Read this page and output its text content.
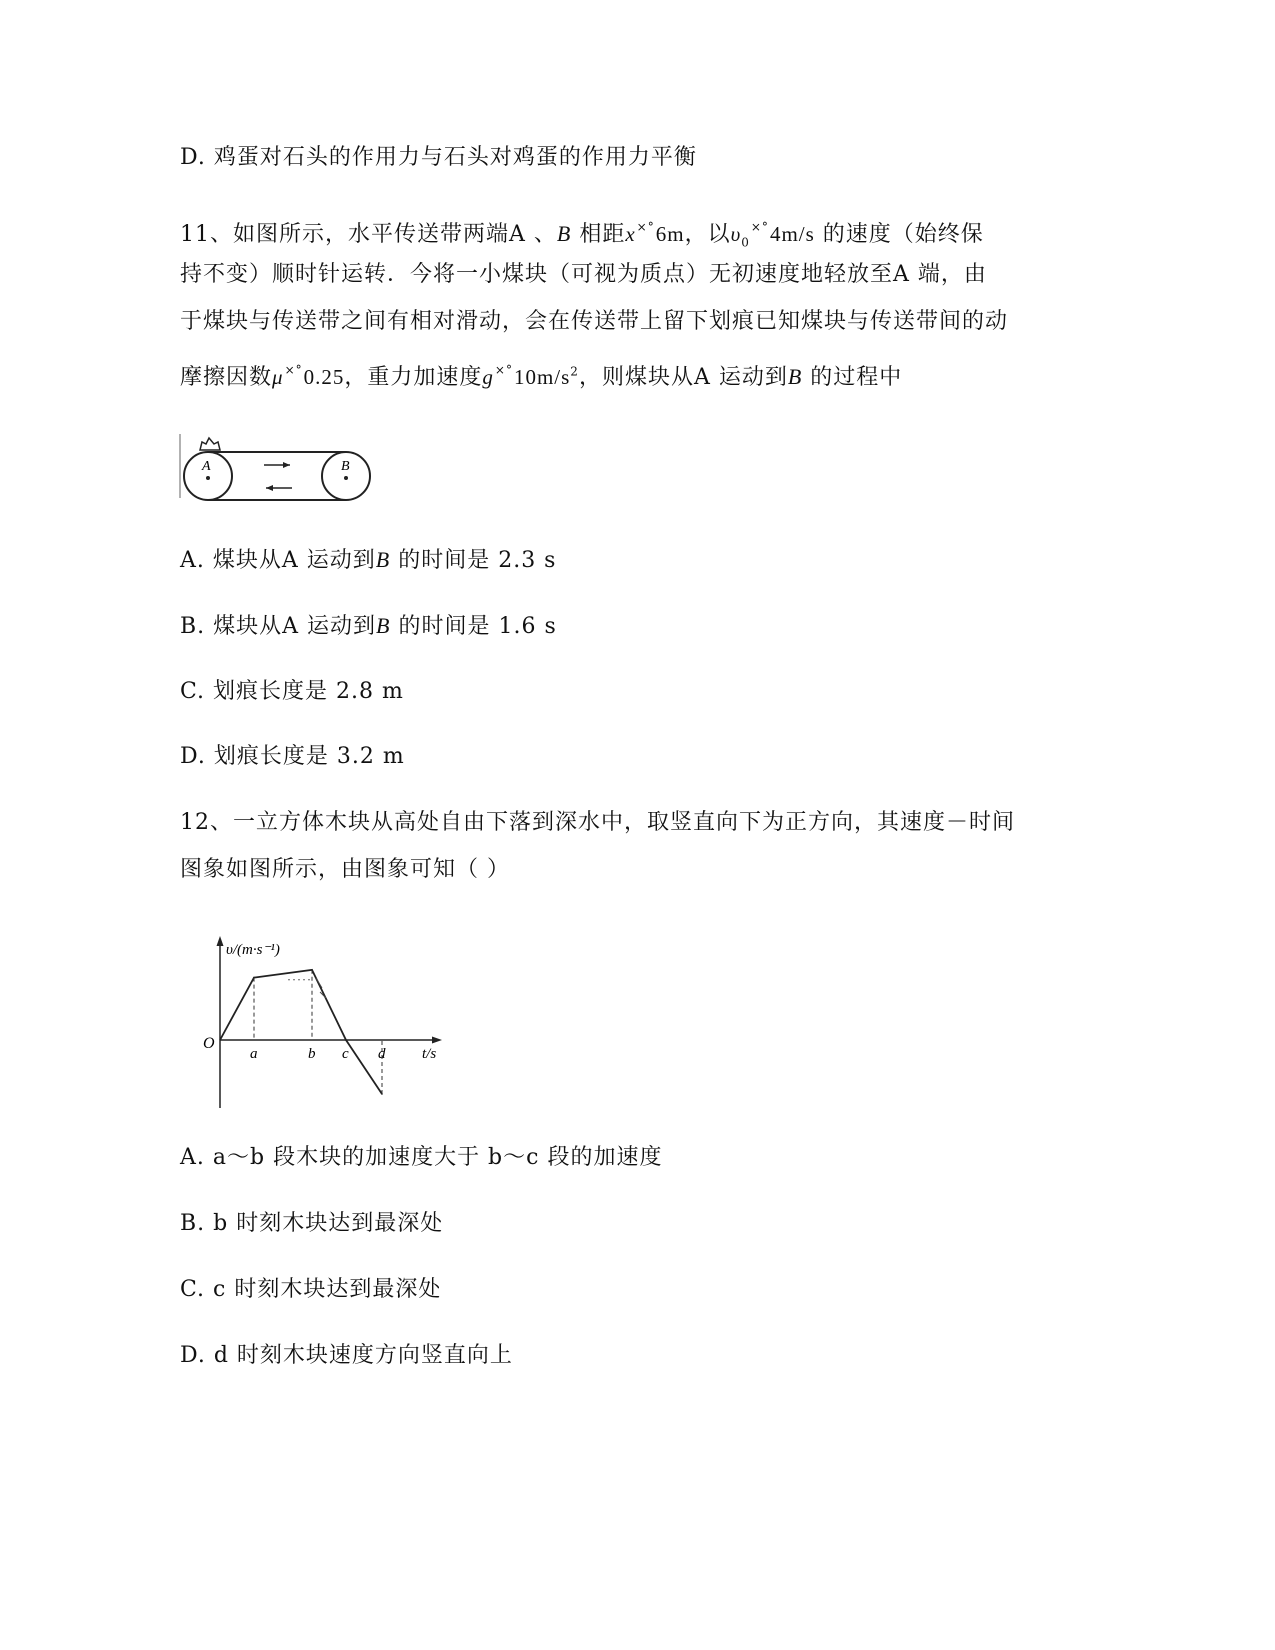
D. 鸡蛋对石头的作用力与石头对鸡蛋的作用力平衡
11、如图所示，水平传送带两端A 、B 相距x×°6m，以$\upsilon_0^{\times^\circ}4m/s$ 的速度（始终保
持不变）顺时针运转．今将一小煤块（可视为质点）无初速度地轻放至A 端，由
于煤块与传送带之间有相对滑动，会在传送带上留下划痕已知煤块与传送带间的动
摩擦因数μ×°0.25，重力加速度$g^{\times^\circ}10m/s^2$，则煤块从A 运动到B 的过程中
A	B
A. 煤块从A 运动到B 的时间是 2.3 s
B. 煤块从A 运动到B 的时间是 1.6 s
C. 划痕长度是 2.8 m
D. 划痕长度是 3.2 m
12、一立方体木块从高处自由下落到深水中，取竖直向下为正方向，其速度－时间
图象如图所示，由图象可知（ ）
υ/(m·s⁻¹)
t/s
O
a	b c d
A. a～b 段木块的加速度大于 b～c 段的加速度
B. b 时刻木块达到最深处
C. c 时刻木块达到最深处
D. d 时刻木块速度方向竖直向上
